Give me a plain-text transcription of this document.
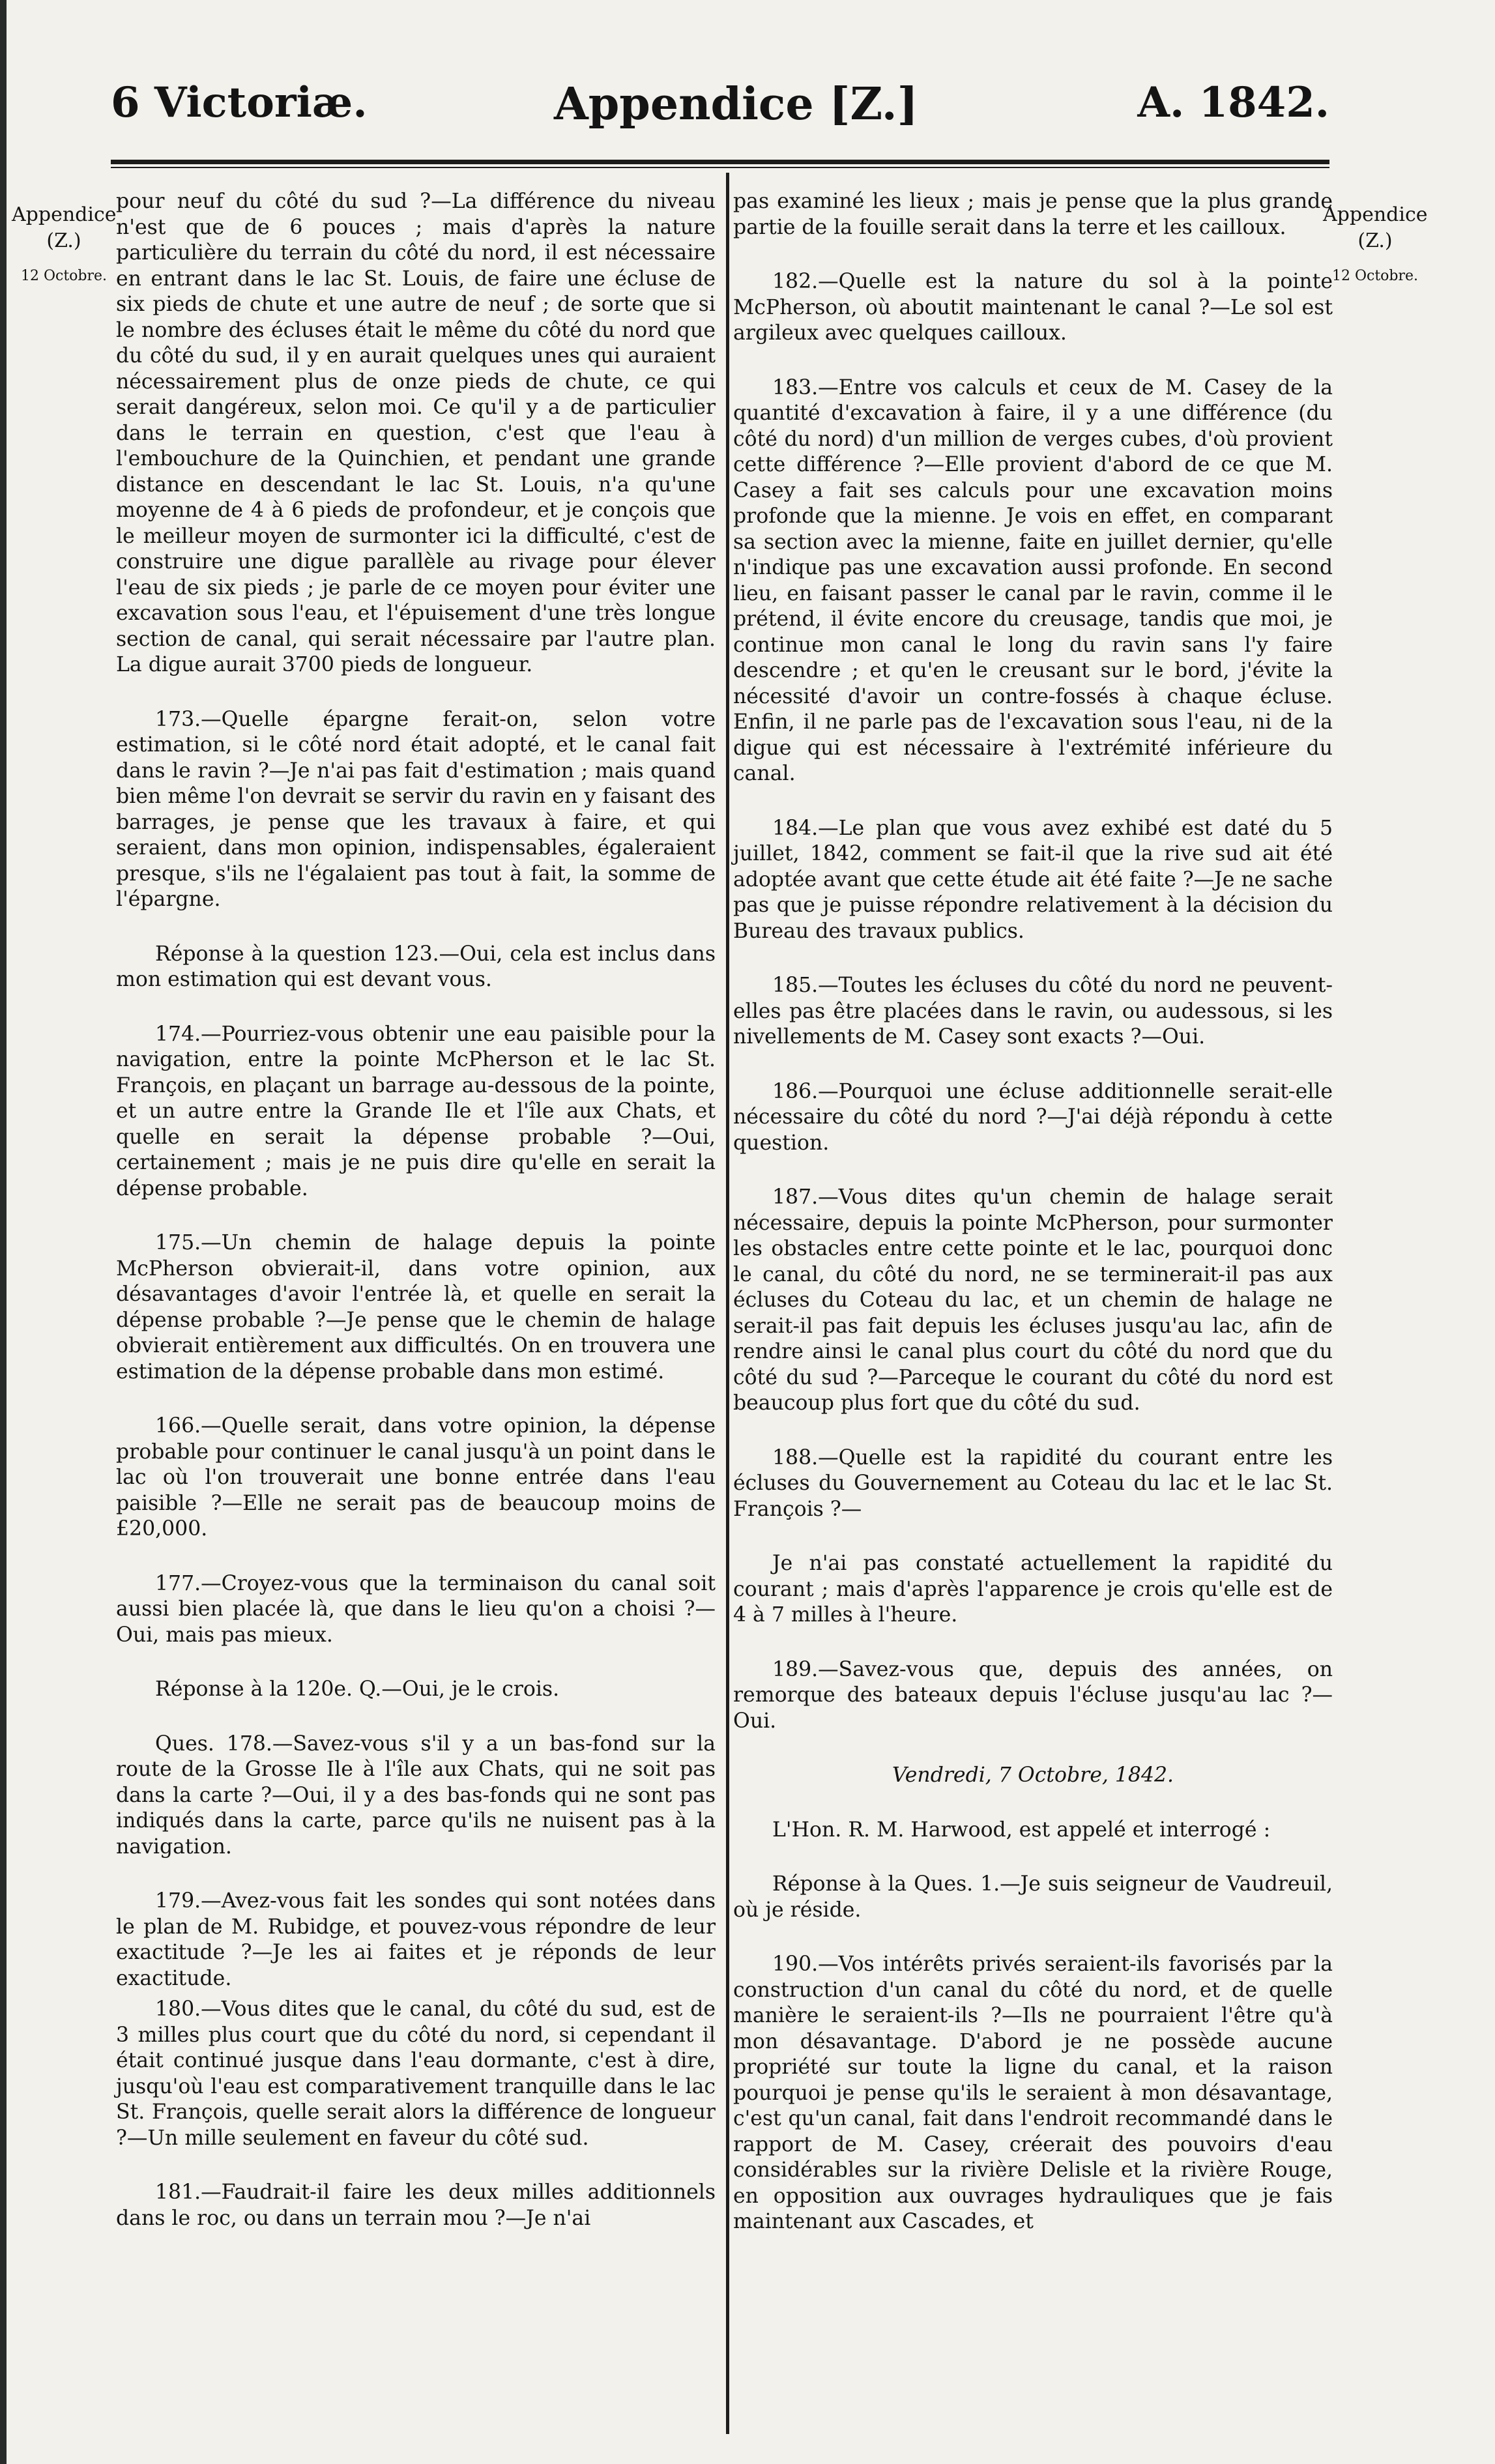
6 Victoriæ.	Appendice [Z.]	A. 1842.
Appendice
(Z.)
12 Octobre.
Appendice
(Z.)
12 Octobre.

pour neuf du côté du sud ?—La différence du niveau n'est que de 6 pouces ; mais d'après la nature particulière du terrain du côté du nord, il est nécessaire en entrant dans le lac St. Louis, de faire une écluse de six pieds de chute et une autre de neuf ; de sorte que si le nombre des écluses était le même du côté du nord que du côté du sud, il y en aurait quelques unes qui auraient nécessairement plus de onze pieds de chute, ce qui serait dangéreux, selon moi. Ce qu'il y a de particulier dans le terrain en question, c'est que l'eau à l'embouchure de la Quinchien, et pendant une grande distance en descendant le lac St. Louis, n'a qu'une moyenne de 4 à 6 pieds de profondeur, et je conçois que le meilleur moyen de surmonter ici la difficulté, c'est de construire une digue parallèle au rivage pour élever l'eau de six pieds ; je parle de ce moyen pour éviter une excavation sous l'eau, et l'épuisement d'une très longue section de canal, qui serait nécessaire par l'autre plan. La digue aurait 3700 pieds de longueur.

173.—Quelle épargne ferait-on, selon votre estimation, si le côté nord était adopté, et le canal fait dans le ravin ?—Je n'ai pas fait d'estimation ; mais quand bien même l'on devrait se servir du ravin en y faisant des barrages, je pense que les travaux à faire, et qui seraient, dans mon opinion, indispensables, égaleraient presque, s'ils ne l'égalaient pas tout à fait, la somme de l'épargne.

Réponse à la question 123.—Oui, cela est inclus dans mon estimation qui est devant vous.

174.—Pourriez-vous obtenir une eau paisible pour la navigation, entre la pointe McPherson et le lac St. François, en plaçant un barrage au-dessous de la pointe, et un autre entre la Grande Ile et l'île aux Chats, et quelle en serait la dépense probable ?—Oui, certainement ; mais je ne puis dire qu'elle en serait la dépense probable.

175.—Un chemin de halage depuis la pointe McPherson obvierait-il, dans votre opinion, aux désavantages d'avoir l'entrée là, et quelle en serait la dépense probable ?—Je pense que le chemin de halage obvierait entièrement aux difficultés. On en trouvera une estimation de la dépense probable dans mon estimé.

166.—Quelle serait, dans votre opinion, la dépense probable pour continuer le canal jusqu'à un point dans le lac où l'on trouverait une bonne entrée dans l'eau paisible ?—Elle ne serait pas de beaucoup moins de £20,000.

177.—Croyez-vous que la terminaison du canal soit aussi bien placée là, que dans le lieu qu'on a choisi ?—Oui, mais pas mieux.

Réponse à la 120e. Q.—Oui, je le crois.

Ques. 178.—Savez-vous s'il y a un bas-fond sur la route de la Grosse Ile à l'île aux Chats, qui ne soit pas dans la carte ?—Oui, il y a des bas-fonds qui ne sont pas indiqués dans la carte, parce qu'ils ne nuisent pas à la navigation.

179.—Avez-vous fait les sondes qui sont notées dans le plan de M. Rubidge, et pouvez-vous répondre de leur exactitude ?—Je les ai faites et je réponds de leur exactitude.

180.—Vous dites que le canal, du côté du sud, est de 3 milles plus court que du côté du nord, si cependant il était continué jusque dans l'eau dormante, c'est à dire, jusqu'où l'eau est comparativement tranquille dans le lac St. François, quelle serait alors la différence de longueur ?—Un mille seulement en faveur du côté sud.

181.—Faudrait-il faire les deux milles additionnels dans le roc, ou dans un terrain mou ?—Je n'ai

pas examiné les lieux ; mais je pense que la plus grande partie de la fouille serait dans la terre et les cailloux.

182.—Quelle est la nature du sol à la pointe McPherson, où aboutit maintenant le canal ?—Le sol est argileux avec quelques cailloux.

183.—Entre vos calculs et ceux de M. Casey de la quantité d'excavation à faire, il y a une différence (du côté du nord) d'un million de verges cubes, d'où provient cette différence ?—Elle provient d'abord de ce que M. Casey a fait ses calculs pour une excavation moins profonde que la mienne. Je vois en effet, en comparant sa section avec la mienne, faite en juillet dernier, qu'elle n'indique pas une excavation aussi profonde. En second lieu, en faisant passer le canal par le ravin, comme il le prétend, il évite encore du creusage, tandis que moi, je continue mon canal le long du ravin sans l'y faire descendre ; et qu'en le creusant sur le bord, j'évite la nécessité d'avoir un contre-fossés à chaque écluse. Enfin, il ne parle pas de l'excavation sous l'eau, ni de la digue qui est nécessaire à l'extrémité inférieure du canal.

184.—Le plan que vous avez exhibé est daté du 5 juillet, 1842, comment se fait-il que la rive sud ait été adoptée avant que cette étude ait été faite ?—Je ne sache pas que je puisse répondre relativement à la décision du Bureau des travaux publics.

185.—Toutes les écluses du côté du nord ne peuvent-elles pas être placées dans le ravin, ou audessous, si les nivellements de M. Casey sont exacts ?—Oui.

186.—Pourquoi une écluse additionnelle serait-elle nécessaire du côté du nord ?—J'ai déjà répondu à cette question.

187.—Vous dites qu'un chemin de halage serait nécessaire, depuis la pointe McPherson, pour surmonter les obstacles entre cette pointe et le lac, pourquoi donc le canal, du côté du nord, ne se terminerait-il pas aux écluses du Coteau du lac, et un chemin de halage ne serait-il pas fait depuis les écluses jusqu'au lac, afin de rendre ainsi le canal plus court du côté du nord que du côté du sud ?—Parceque le courant du côté du nord est beaucoup plus fort que du côté du sud.

188.—Quelle est la rapidité du courant entre les écluses du Gouvernement au Coteau du lac et le lac St. François ?—

Je n'ai pas constaté actuellement la rapidité du courant ; mais d'après l'apparence je crois qu'elle est de 4 à 7 milles à l'heure.

189.—Savez-vous que, depuis des années, on remorque des bateaux depuis l'écluse jusqu'au lac ?—Oui.

Vendredi, 7 Octobre, 1842.

L'Hon. R. M. Harwood, est appelé et interrogé :

Réponse à la Ques. 1.—Je suis seigneur de Vaudreuil, où je réside.

190.—Vos intérêts privés seraient-ils favorisés par la construction d'un canal du côté du nord, et de quelle manière le seraient-ils ?—Ils ne pourraient l'être qu'à mon désavantage. D'abord je ne possède aucune propriété sur toute la ligne du canal, et la raison pourquoi je pense qu'ils le seraient à mon désavantage, c'est qu'un canal, fait dans l'endroit recommandé dans le rapport de M. Casey, créerait des pouvoirs d'eau considérables sur la rivière Delisle et la rivière Rouge, en opposition aux ouvrages hydrauliques que je fais maintenant aux Cascades, et
